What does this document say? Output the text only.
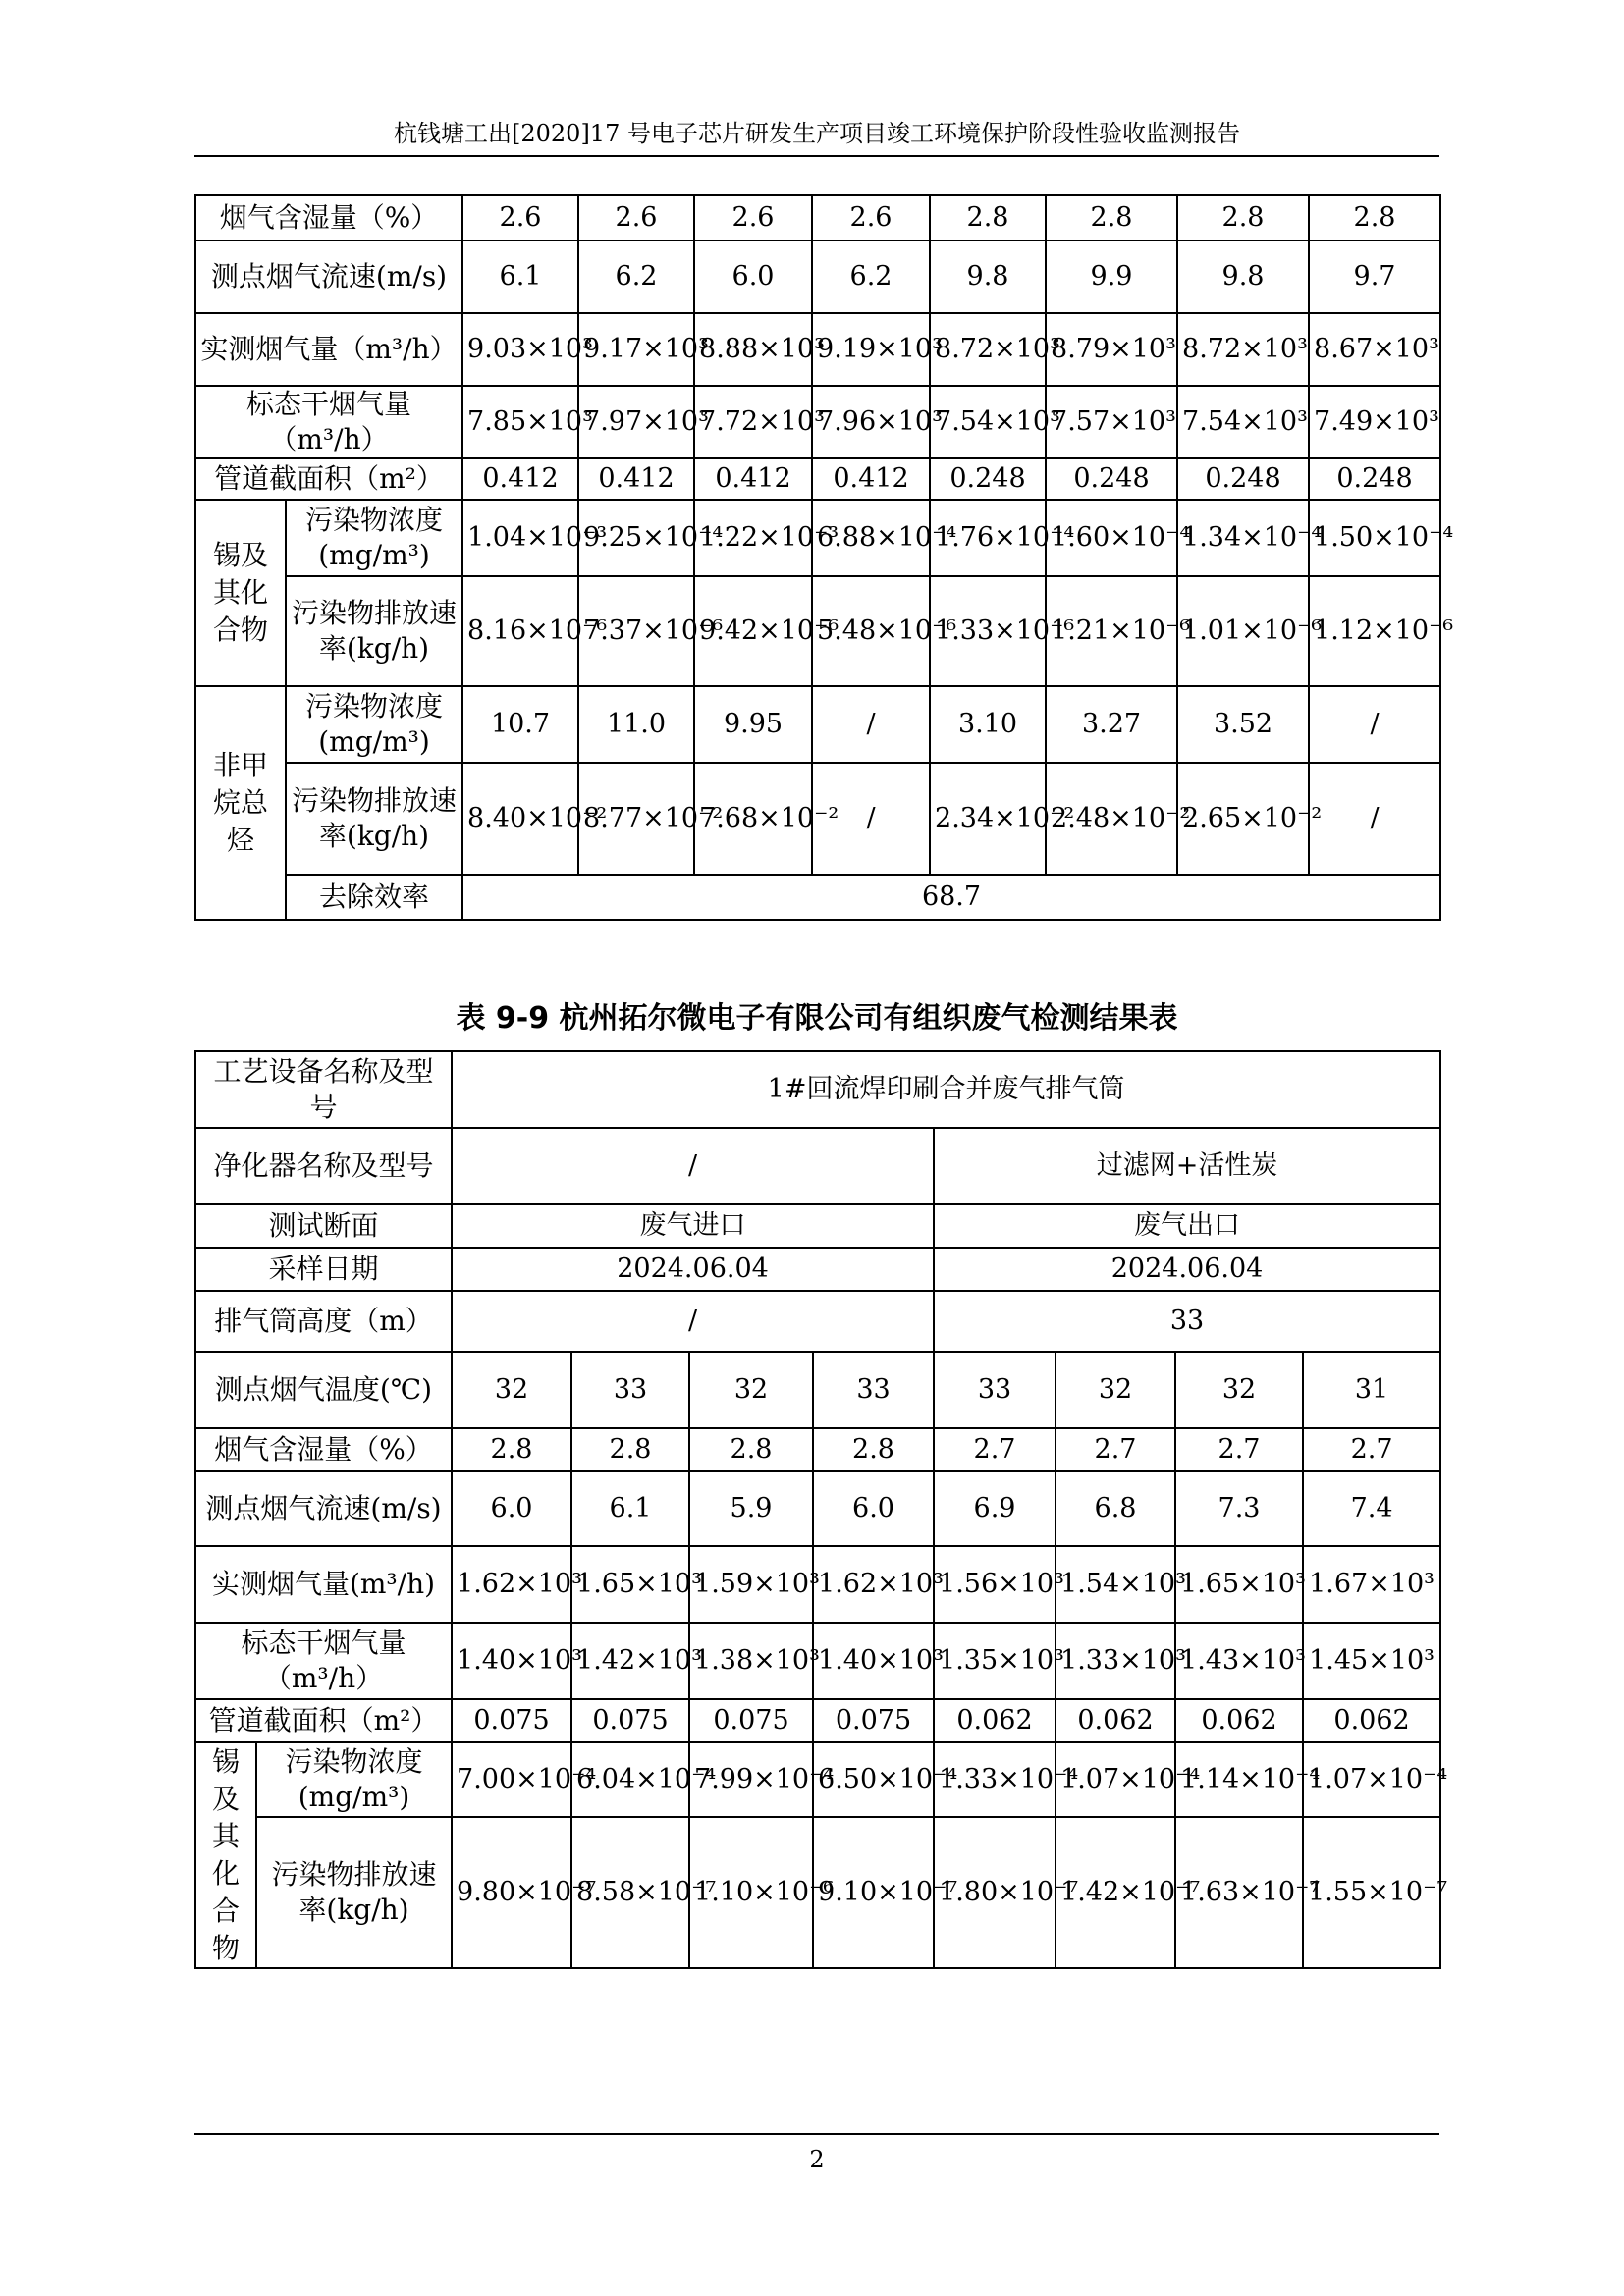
杭钱塘工出[2020]17 号电子芯片研发生产项目竣工环境保护阶段性验收监测报告
烟气含湿量（%）		2.6	2.6	2.6	2.6	2.8	2.8	2.8	2.8
测点烟气流速(m/s)		6.1	6.2	6.0	6.2	9.8	9.9	9.8	9.7
实测烟气量（m³/h）		9.03×10³	9.17×10³	8.88×10³	9.19×10³	8.72×10³	8.79×10³	8.72×10³	8.67×10³
标态干烟气量（m³/h）		7.85×10³	7.97×10³	7.72×10³	7.96×10³	7.54×10³	7.57×10³	7.54×10³	7.49×10³
管道截面积（m²）		0.412	0.412	0.412	0.412	0.248	0.248	0.248	0.248
锡及其化合物	污染物浓度(mg/m³)	1.04×10⁻³	9.25×10⁻⁴	1.22×10⁻³	6.88×10⁻⁴	1.76×10⁻⁴	1.60×10⁻⁴	1.34×10⁻⁴	1.50×10⁻⁴
	污染物排放速率(kg/h)	8.16×10⁻⁶	7.37×10⁻⁶	9.42×10⁻⁶	5.48×10⁻⁶	1.33×10⁻⁶	1.21×10⁻⁶	1.01×10⁻⁶	1.12×10⁻⁶
非甲烷总烃	污染物浓度(mg/m³)	10.7	11.0	9.95	/	3.10	3.27	3.52	/
	污染物排放速率(kg/h)	8.40×10⁻²	8.77×10⁻²	7.68×10⁻²	/	2.34×10⁻²	2.48×10⁻²	2.65×10⁻²	/
	去除效率	68.7							
表 9-9 杭州拓尔微电子有限公司有组织废气检测结果表
工艺设备名称及型号		1#回流焊印刷合并废气排气筒							
净化器名称及型号		/				过滤网+活性炭			
测试断面		废气进口				废气出口			
采样日期		2024.06.04				2024.06.04			
排气筒高度（m）		/				33			
测点烟气温度(℃)		32	33	32	33	33	32	32	31
烟气含湿量（%）		2.8	2.8	2.8	2.8	2.7	2.7	2.7	2.7
测点烟气流速(m/s)		6.0	6.1	5.9	6.0	6.9	6.8	7.3	7.4
实测烟气量(m³/h)		1.62×10³	1.65×10³	1.59×10³	1.62×10³	1.56×10³	1.54×10³	1.65×10³	1.67×10³
标态干烟气量（m³/h）		1.40×10³	1.42×10³	1.38×10³	1.40×10³	1.35×10³	1.33×10³	1.43×10³	1.45×10³
管道截面积（m²）		0.075	0.075	0.075	0.075	0.062	0.062	0.062	0.062
锡及其化合物	污染物浓度(mg/m³)	7.00×10⁻⁴	6.04×10⁻⁴	7.99×10⁻⁴	6.50×10⁻⁴	1.33×10⁻⁴	1.07×10⁻⁴	1.14×10⁻⁴	1.07×10⁻⁴
	污染物排放速率(kg/h)	9.80×10⁻⁷	8.58×10⁻⁷	1.10×10⁻⁶	9.10×10⁻⁷	1.80×10⁻⁷	1.42×10⁻⁷	1.63×10⁻⁷	1.55×10⁻⁷
2
